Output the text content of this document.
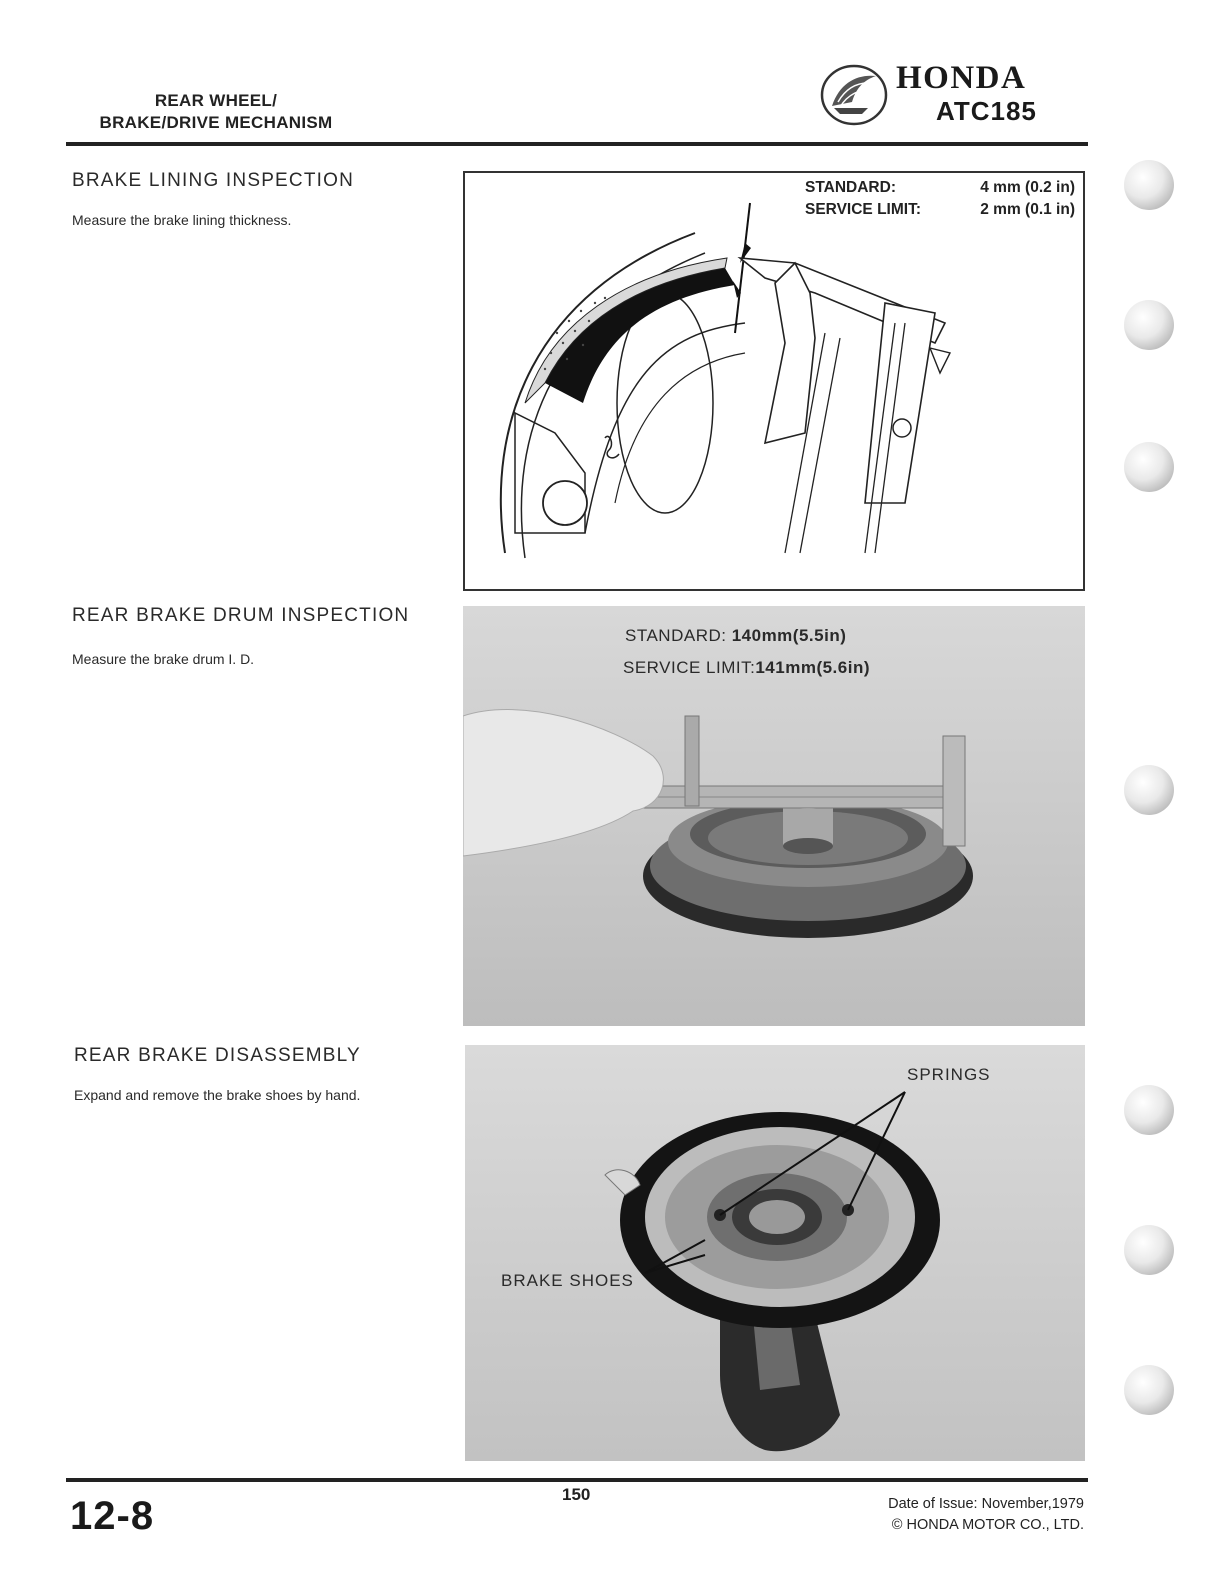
REAR WHEEL/
BRAKE/DRIVE MECHANISM
HONDA
ATC185
BRAKE LINING INSPECTION
Measure the brake lining thickness.
STANDARD:	4 mm (0.2 in)
SERVICE LIMIT:	2 mm (0.1 in)
REAR BRAKE DRUM INSPECTION
Measure the brake drum I. D.
STANDARD: 140mm(5.5in)
SERVICE LIMIT:141mm(5.6in)
REAR BRAKE DISASSEMBLY
Expand and remove the brake shoes by hand.
SPRINGS
BRAKE SHOES
12-8	150	Date of Issue: November,1979
© HONDA MOTOR CO., LTD.
